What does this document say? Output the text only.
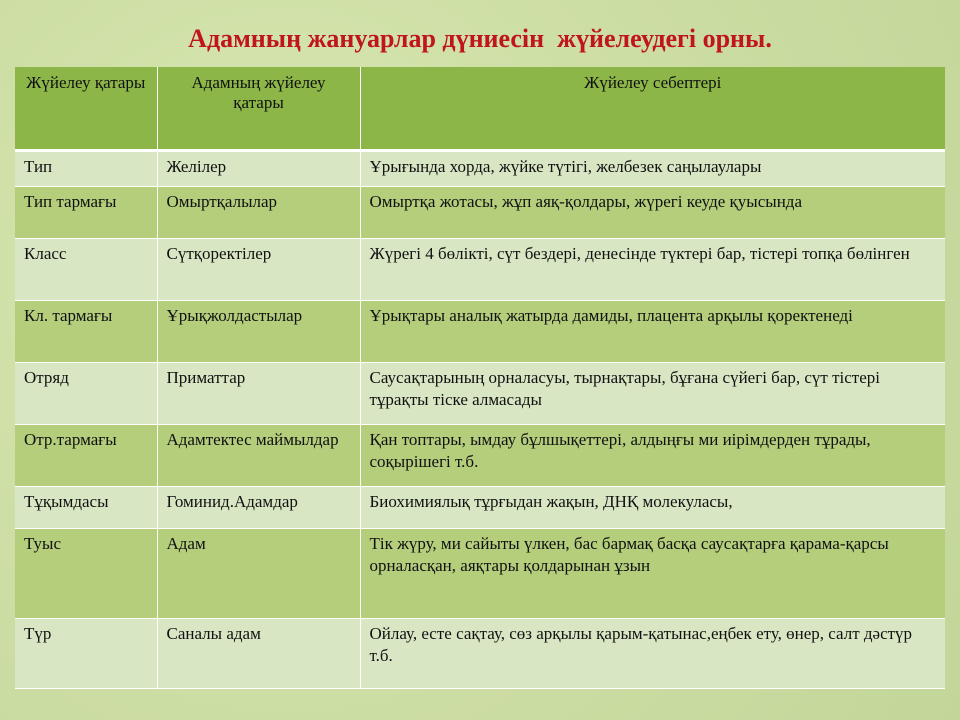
Адамның жануарлар дүниесін  жүйелеудегі орны.
Жүйелеу қатары	Адамның жүйелеу қатары	Жүйелеу себептері
Тип	Желілер	Ұрығында хорда, жүйке түтігі, желбезек саңылаулары
Тип тармағы	Омыртқалылар	Омыртқа жотасы, жұп аяқ-қолдары, жүрегі кеуде қуысында
Класс	Сүтқоректілер	Жүрегі 4 бөлікті, сүт бездері, денесінде түктері бар, тістері топқа бөлінген
Кл. тармағы	Ұрықжолдастылар	Ұрықтары аналық жатырда дамиды, плацента арқылы қоректенеді
Отряд	Приматтар	Саусақтарының орналасуы, тырнақтары, бұғана сүйегі бар, сүт тістері тұрақты тіске алмасады
Отр.тармағы	Адамтектес маймылдар	Қан топтары, ымдау бұлшықеттері, алдыңғы ми иірімдерден тұрады, соқырішегі т.б.
Тұқымдасы	Гоминид.Адамдар	Биохимиялық тұрғыдан жақын, ДНҚ молекуласы,
Туыс	Адам	Тік жүру, ми сайыты үлкен, бас бармақ басқа саусақтарға қарама-қарсы орналасқан, аяқтары қолдарынан ұзын
Түр	Саналы адам	Ойлау, есте сақтау, сөз арқылы қарым-қатынас,еңбек ету, өнер, салт дәстүр т.б.
